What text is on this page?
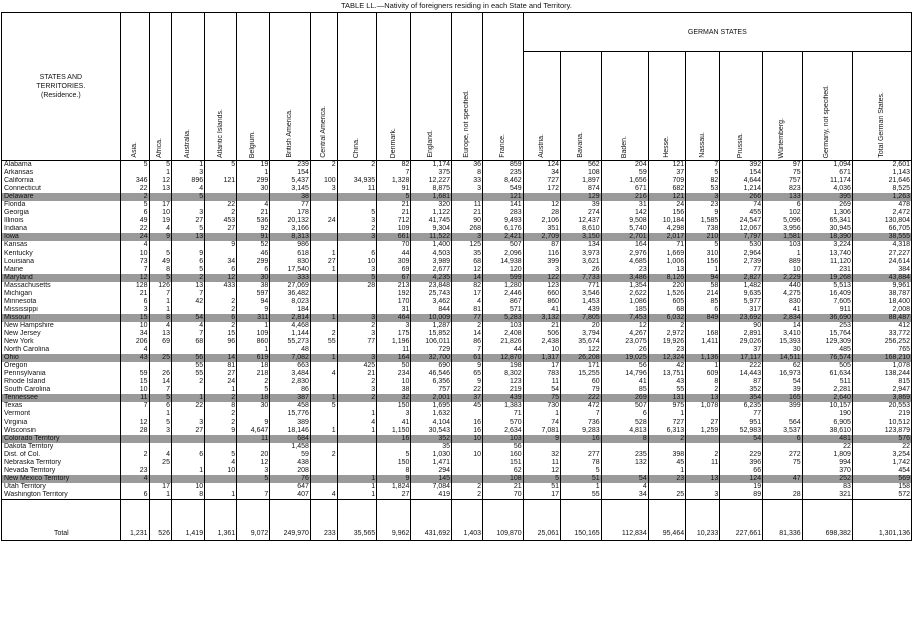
TABLE LL.—Nativity of foreigners residing in each State and Territory.
STATES AND
TERRITORIES.
(Residence.)	Asia.	Africa.	Australia.	Atlantic Islands.	Belgium.	British America.	Central America.	China.	Denmark.	England.	Europe, not specified.	France.	GERMAN STATES								

													Austria.	Bavaria.	Baden.	Hesse.	Nassau.	Prussia.	Würtemberg.	Germany, not specified.	Total German States.

Alabama	5	5	1	5	19	239	2	2	82	1,174	36	859	124	562	204	121	7	392	97	1,094	2,601
Arkansas		1	3		1	154			7	375	8	235	34	108	59	37	5	154	75	671	1,143
California	346	12	896	121	299	5,437	100	34,935	1,328	12,227	33	8,462	727	1,897	1,656	709	82	4,644	757	11,174	21,646
Connecticut	22	13	4		30	3,145	3	11	91	8,875	3	549	172	874	671	682	53	1,214	823	4,036	8,525
Delaware	2		5			38			5	1,681		121		129	216	121	3	266	133	395	1,263
Florida	5	17		22	4	77			21	320	11	141	12	39	31	24	23	74	6	269	478
Georgia	6	10	3	2	21	178		5	21	1,122	21	283	28	274	142	156	9	455	102	1,306	2,472
Illinois	49	19	27	453	536	20,132	24	3	712	41,745	90	9,493	2,106	12,437	9,508	10,184	1,585	24,547	5,096	65,341	130,804
Indiana	22	4	5	27	92	3,166		2	109	9,304	268	6,176	351	8,610	5,740	4,298	738	12,067	3,956	30,945	66,705
Iowa	24	9	13		91	8,313		3	661	11,522	3	2,421	2,709	3,150	2,701	2,017	210	7,797	1,581	18,390	38,555
Kansas	4			9	52	986			70	1,400	125	507	87	134	164	71	5	530	103	3,224	4,318
Kentucky	10	5	9		46	618	1	6	44	4,503	35	2,096	116	3,973	2,976	1,669	310	2,964	1	13,740	27,227
Louisiana	73	49	6	34	299	830	27	10	309	3,989	68	14,938	399	3,621	4,685	1,006	156	2,739	889	11,120	24,614
Maine	7	8	5	6	6	17,540	1	3	69	2,677	12	120	3	26	23	13	1	77	10	231	384
Maryland	12	5	2	12	30	333		5	67	4,235	14	599	122	7,733	3,486	8,126	94	2,827	2,229	19,268	43,884
Massachusetts	128	126	13	433	38	27,069		28	213	23,848	82	1,280	123	771	1,354	220	58	1,482	440	5,513	9,961
Michigan	21	7	7		597	36,482			192	25,743	17	2,446	660	3,546	2,622	1,526	214	9,635	4,275	16,409	38,787
Minnesota	6	1	42	2	94	8,023			170	3,462	4	867	860	1,453	1,086	605	85	5,977	830	7,605	18,400
Mississippi	3	1		2	9	184			31	844	81	571	41	439	185	68	6	317	41	911	2,008
Missouri	15	8	54	6	311	2,814	1	3	464	10,009	77	5,283	3,132	7,805	7,453	6,032	849	23,692	2,834	36,690	88,487
New Hampshire	10	4	4	2	1	4,468		2	3	1,287	2	103	21	20	12	2		90	14	253	412
New Jersey	34	13	7	15	109	1,144	2	3	175	15,852	14	2,408	506	3,794	4,267	2,972	168	2,891	3,410	15,764	33,772
New York	206	69	68	96	860	55,273	55	77	1,196	106,011	86	21,826	2,438	35,674	23,075	19,926	1,411	29,026	15,393	129,309	256,252
North Carolina	4				1	48			11	729	7	44	10	122	26	23		37	30	485	765
Ohio	43	25	56	14	619	7,082	1	3	164	32,700	61	12,870	1,317	26,208	19,025	12,324	1,136	17,117	14,511	76,574	168,210
Oregon			55	81	18	663		425	50	690	9	198	17	171	56	42	1	222	62	505	1,078
Pennsylvania	59	26	55	27	218	3,484	4	21	234	46,546	65	8,302	783	15,255	14,796	13,751	609	14,443	16,973	61,634	138,244
Rhode Island	15	14	2	24	2	2,830		2	10	6,356	9	123	11	60	41	43	8	87	54	511	815
South Carolina	10	7		1	5	86		3	38	757	22	219	54	79	85	55	2	352	39	2,281	2,947
Tennessee	11	5	1	2	18	387	1	2	32	2,001	37	439	75	222	269	131	13	354	165	2,640	3,869
Texas	7	6	22	8	30	458	5		150	1,695	45	1,383	730	472	507	975	1,078	6,235	399	10,157	20,553
Vermont		1		2		15,776		1	3	1,632		71	1	7	6	1		77		190	219
Virginia	12	5	3	2	9	389		4	41	4,104	16	570	74	736	528	727	27	951	564	6,905	10,512
Wisconsin	28	3	27	9	4,647	18,146	1	1	1,150	30,543	16	2,634	7,081	9,283	4,813	6,313	1,259	52,983	3,537	38,610	123,879
Colorado Territory					11	684			16	352	10	103	9	16	8	2		54	6	481	576
Dakota Territory						1,458				35		56								22	22
Dist. of Col.	2	4	6	5	20	59	2		5	1,030	10	160	32	277	235	398	2	229	272	1,809	3,254
Nebraska Territory		25		4	12	438			150	1,471		151	11	78	132	45	11	396	75	994	1,742
Nevada Territory	23		1	10	3	208			8	294		62	12	5		1		66		370	454
New Mexico Territory	4				5	76		1	9	145		108	5	51	54	23	13	124	47	252	569
Utah Territory		17	10			647		1	1,824	7,084	2	21	51	1	4			19		83	158
Washington Territory	6	1	8	1	7	407	4	1	27	419	2	70	17	55	34	25	3	89	28	321	572
Total	1,231	526	1,419	1,361	9,072	249,970	233	35,565	9,962	431,692	1,403	109,870	25,061	150,165	112,834	95,464	10,233	227,661	81,336	698,382	1,301,136
